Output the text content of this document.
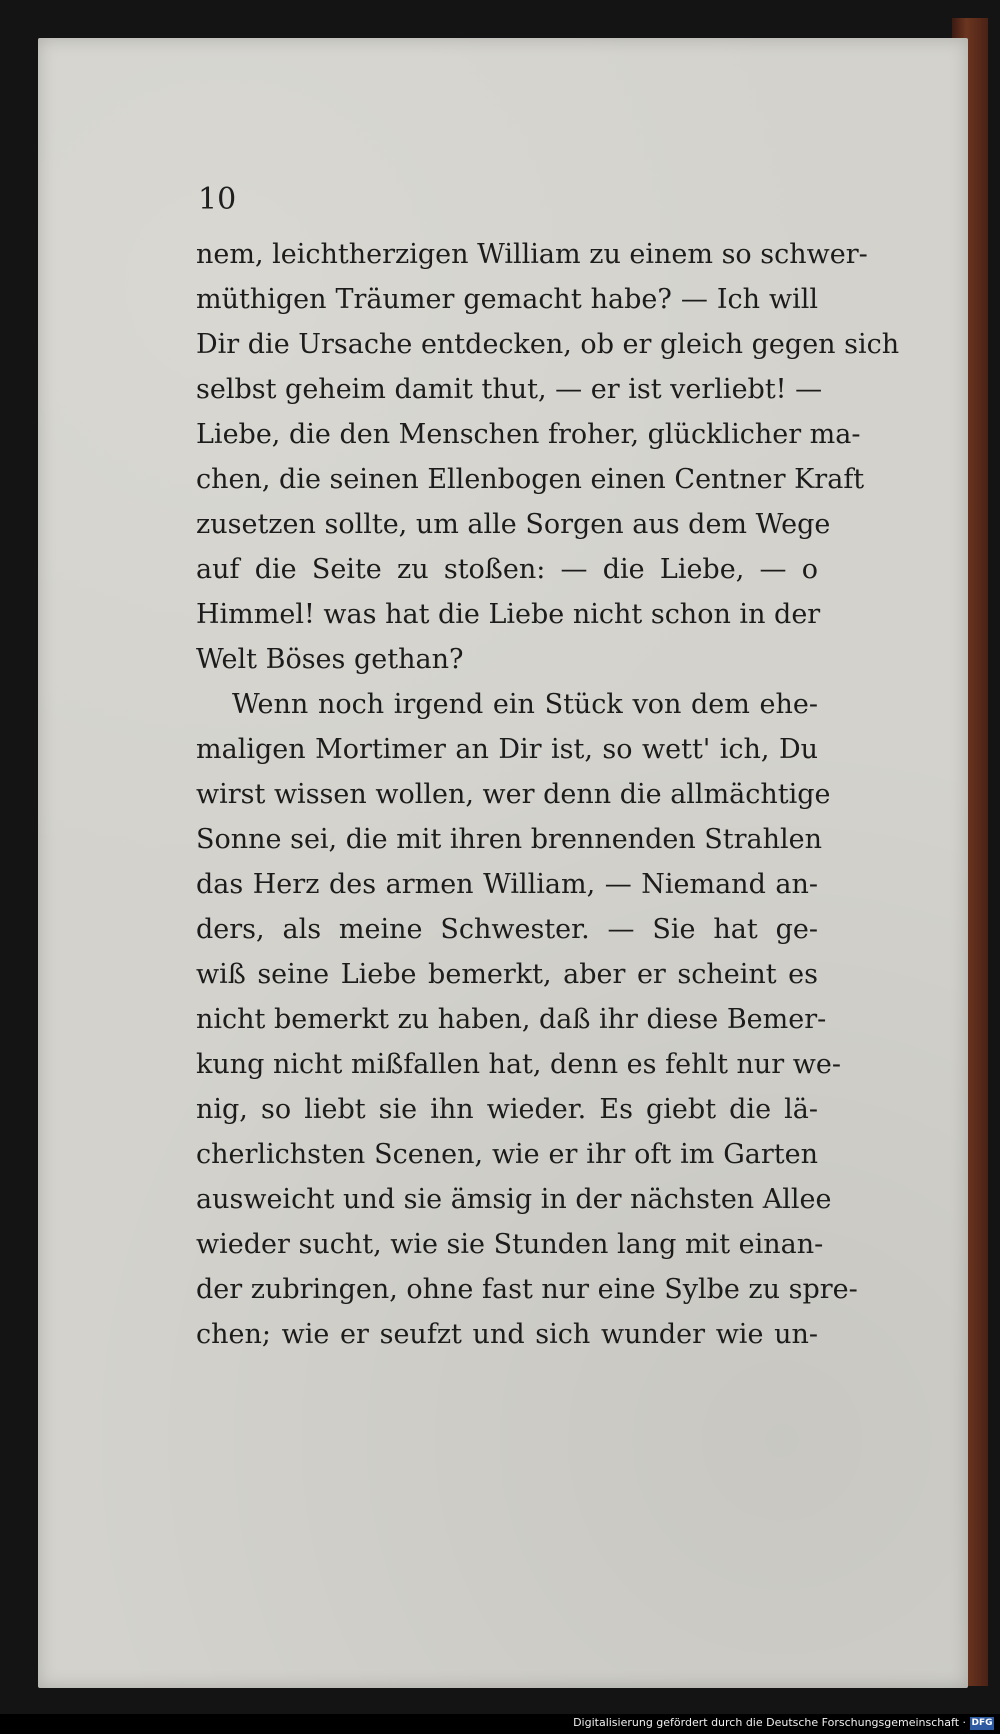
10
nem, leichtherzigen William zu einem so schwer-
müthigen Träumer gemacht habe? — Ich will
Dir die Ursache entdecken, ob er gleich gegen sich
selbst geheim damit thut, — er ist verliebt! —
Liebe, die den Menschen froher, glücklicher ma-
chen, die seinen Ellenbogen einen Centner Kraft
zusetzen sollte, um alle Sorgen aus dem Wege
auf die Seite zu stoßen: — die Liebe, — o
Himmel! was hat die Liebe nicht schon in der
Welt Böses gethan?
Wenn noch irgend ein Stück von dem ehe-
maligen Mortimer an Dir ist, so wett' ich, Du
wirst wissen wollen, wer denn die allmächtige
Sonne sei, die mit ihren brennenden Strahlen
das Herz des armen William, — Niemand an-
ders, als meine Schwester. — Sie hat ge-
wiß seine Liebe bemerkt, aber er scheint es
nicht bemerkt zu haben, daß ihr diese Bemer-
kung nicht mißfallen hat, denn es fehlt nur we-
nig, so liebt sie ihn wieder. Es giebt die lä-
cherlichsten Scenen, wie er ihr oft im Garten
ausweicht und sie ämsig in der nächsten Allee
wieder sucht, wie sie Stunden lang mit einan-
der zubringen, ohne fast nur eine Sylbe zu spre-
chen; wie er seufzt und sich wunder wie un-
Digitalisierung gefördert durch die Deutsche Forschungsgemeinschaft · DFG
